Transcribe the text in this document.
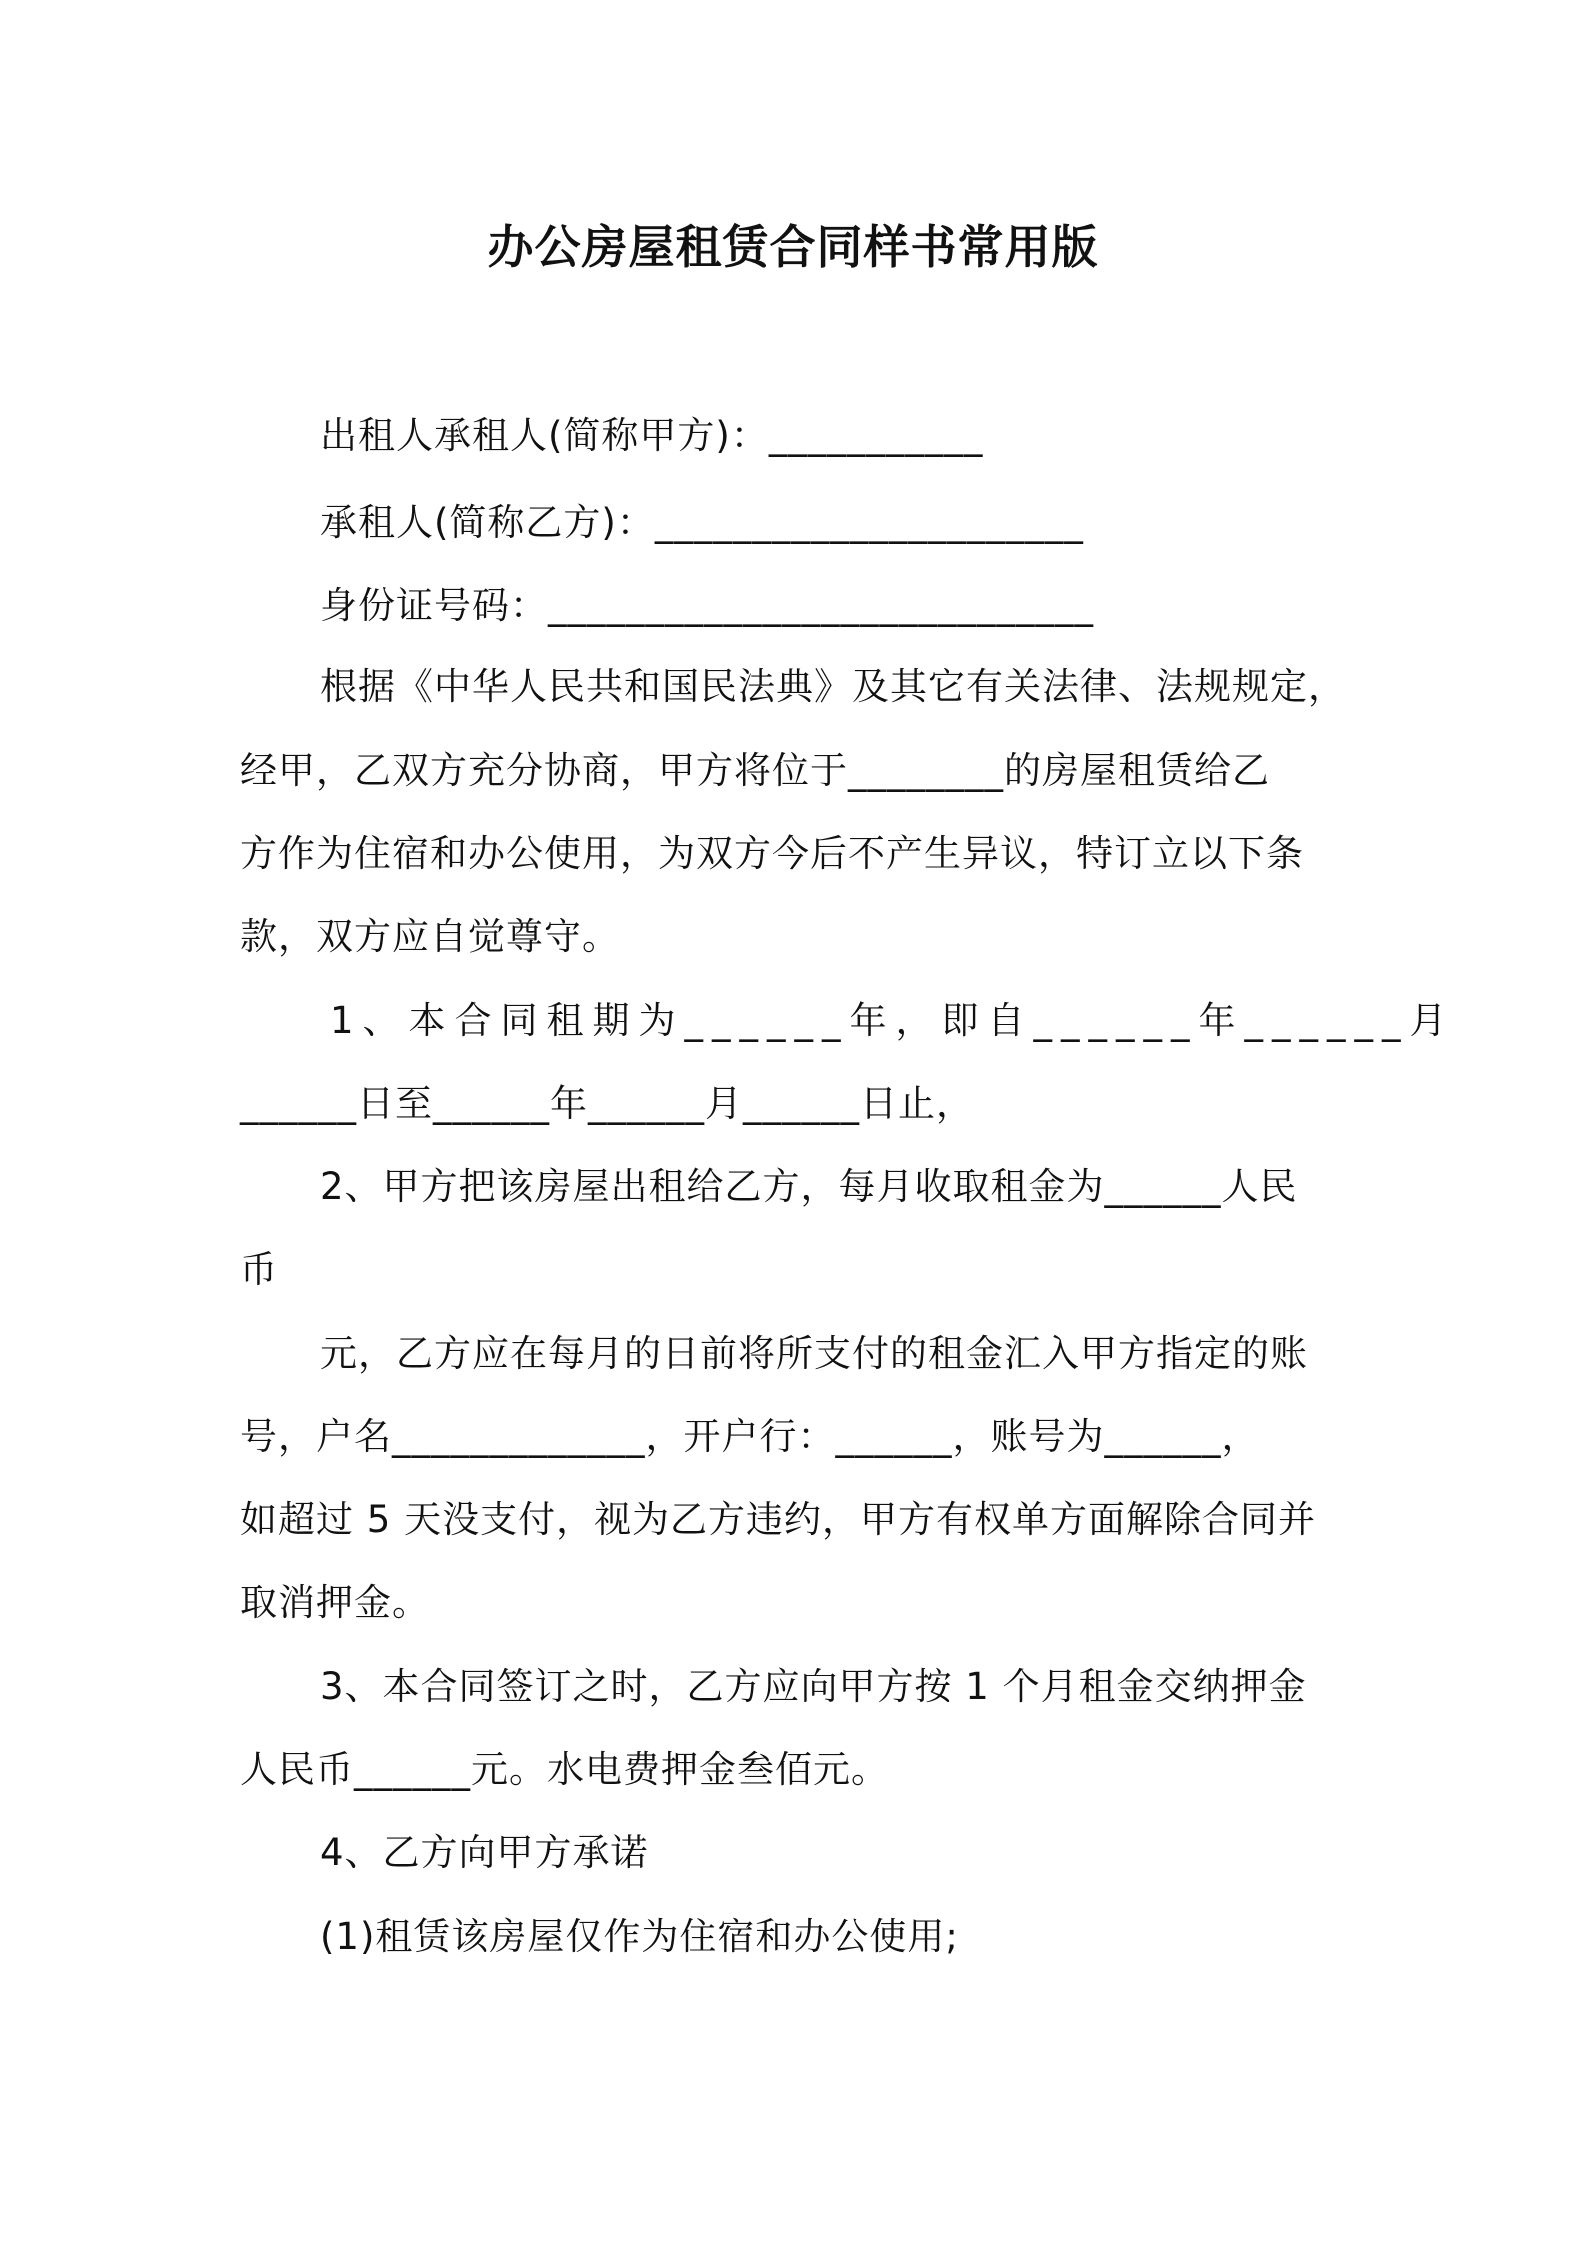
办公房屋租赁合同样书常用版
出租人承租人(简称甲方)：___________
承租人(简称乙方)：______________________
身份证号码：____________________________
根据《中华人民共和国民法典》及其它有关法律、法规规定，
经甲，乙双方充分协商，甲方将位于________的房屋租赁给乙
方作为住宿和办公使用，为双方今后不产生异议，特订立以下条
款，双方应自觉尊守。
1、本合同租期为______年，即自______年______月
______日至______年______月______日止，
2、甲方把该房屋出租给乙方，每月收取租金为______人民
币
元，乙方应在每月的日前将所支付的租金汇入甲方指定的账
号，户名_____________，开户行：______，账号为______，
如超过 5 天没支付，视为乙方违约，甲方有权单方面解除合同并
取消押金。
3、本合同签订之时，乙方应向甲方按 1 个月租金交纳押金
人民币______元。水电费押金叁佰元。
4、乙方向甲方承诺
(1)租赁该房屋仅作为住宿和办公使用;
